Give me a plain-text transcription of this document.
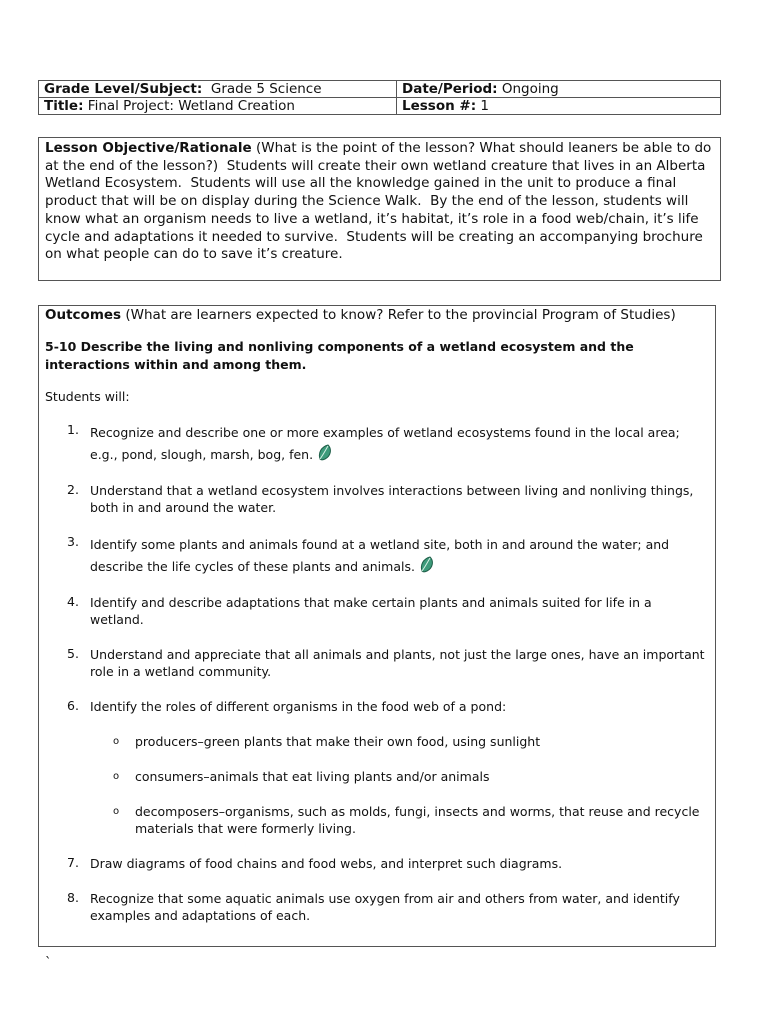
Grade Level/Subject: Grade 5 Science	Date/Period: Ongoing
Title: Final Project: Wetland Creation	Lesson #: 1
Lesson Objective/Rationale (What is the point of the lesson? What should leaners be able to do at the end of the lesson?)  Students will create their own wetland creature that lives in an Alberta Wetland Ecosystem.  Students will use all the knowledge gained in the unit to produce a final product that will be on display during the Science Walk.  By the end of the lesson, students will know what an organism needs to live a wetland, it’s habitat, it’s role in a food web/chain, it’s life cycle and adaptations it needed to survive.  Students will be creating an accompanying brochure on what people can do to save it’s creature.
Outcomes (What are learners expected to know? Refer to the provincial Program of Studies)
5-10 Describe the living and nonliving components of a wetland ecosystem and the interactions within and among them.
Students will:
1. Recognize and describe one or more examples of wetland ecosystems found in the local area; e.g., pond, slough, marsh, bog, fen.
2. Understand that a wetland ecosystem involves interactions between living and nonliving things, both in and around the water.
3. Identify some plants and animals found at a wetland site, both in and around the water; and describe the life cycles of these plants and animals.
4. Identify and describe adaptations that make certain plants and animals suited for life in a wetland.
5. Understand and appreciate that all animals and plants, not just the large ones, have an important role in a wetland community.
6. Identify the roles of different organisms in the food web of a pond:
o producers–green plants that make their own food, using sunlight
o consumers–animals that eat living plants and/or animals
o decomposers–organisms, such as molds, fungi, insects and worms, that reuse and recycle materials that were formerly living.
7. Draw diagrams of food chains and food webs, and interpret such diagrams.
8. Recognize that some aquatic animals use oxygen from air and others from water, and identify examples and adaptations of each.
`
